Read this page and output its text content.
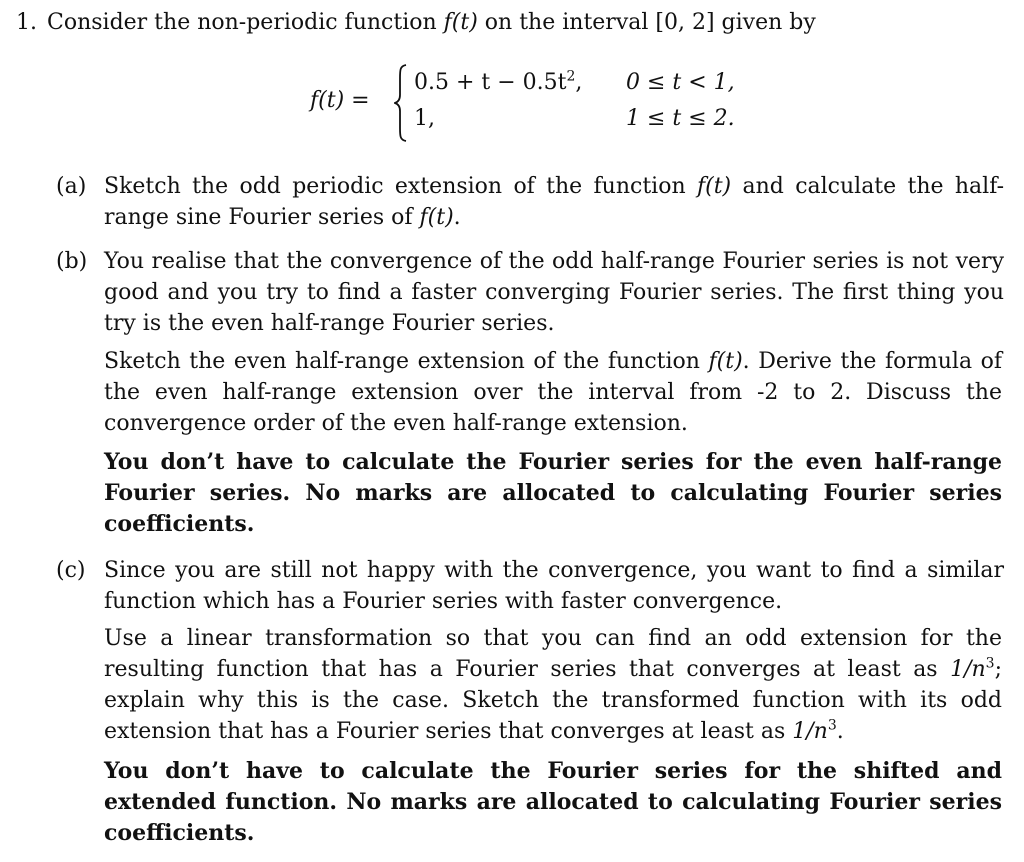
1. Consider the non-periodic function f(t) on the interval [0, 2] given by
f(t) =
$0.5 + t - 0.5t^2$, 0 ≤ t < 1,
1,	1 ≤ t ≤ 2.
(a) Sketch the odd periodic extension of the function f(t) and calculate the half-range sine Fourier series of f(t).
(b) You realise that the convergence of the odd half-range Fourier series is not very good and you try to find a faster converging Fourier series. The first thing you try is the even half-range Fourier series.
Sketch the even half-range extension of the function f(t). Derive the formula of the even half-range extension over the interval from -2 to 2. Discuss the convergence order of the even half-range extension.
You don’t have to calculate the Fourier series for the even half-range Fourier series. No marks are allocated to calculating Fourier series coefficients.
(c) Since you are still not happy with the convergence, you want to find a similar function which has a Fourier series with faster convergence.
Use a linear transformation so that you can find an odd extension for the resulting function that has a Fourier series that converges at least as $1/n^3$; explain why this is the case. Sketch the transformed function with its odd extension that has a Fourier series that converges at least as $1/n^3$.
You don’t have to calculate the Fourier series for the shifted and extended function. No marks are allocated to calculating Fourier series coefficients.
